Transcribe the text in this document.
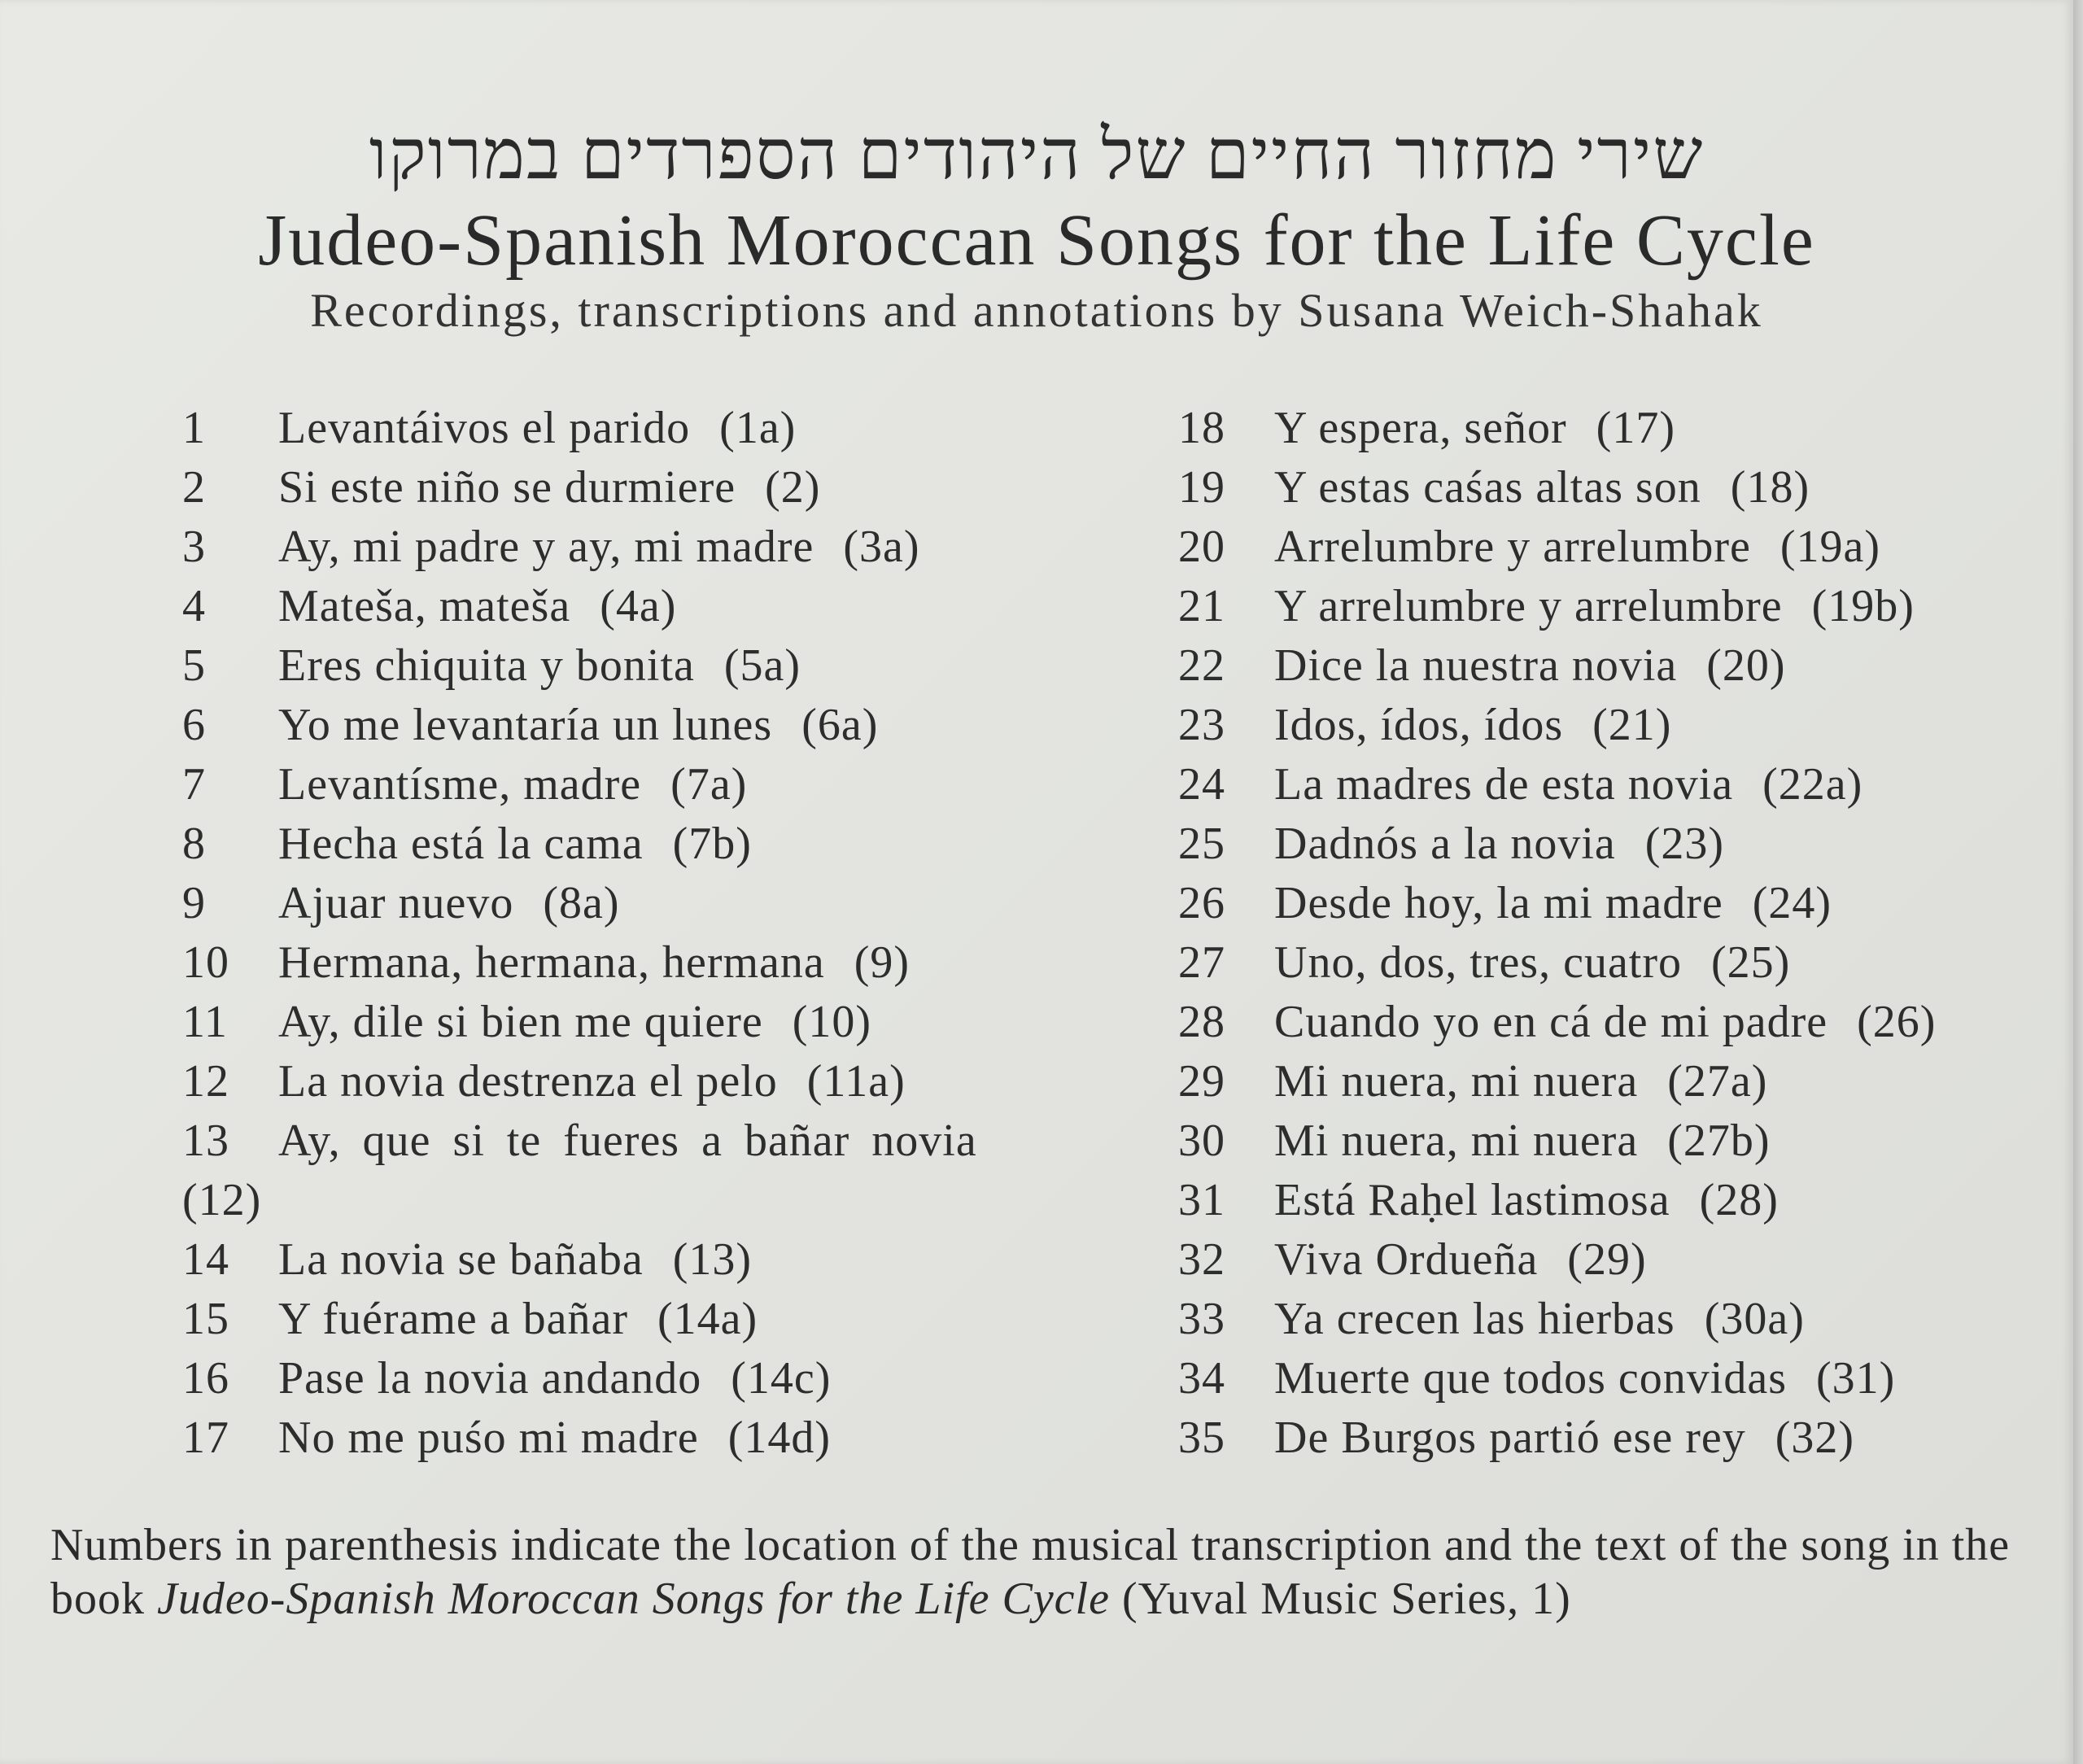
שירי מחזור החיים של היהודים הספרדים במרוקו
Judeo-Spanish Moroccan Songs for the Life Cycle
Recordings, transcriptions and annotations by Susana Weich-Shahak
1 Levantáivos el parido (1a)
2 Si este niño se durmiere (2)
3 Ay, mi padre y ay, mi madre (3a)
4 Mateša, mateša (4a)
5 Eres chiquita y bonita (5a)
6 Yo me levantaría un lunes (6a)
7 Levantísme, madre (7a)
8 Hecha está la cama (7b)
9 Ajuar nuevo (8a)
10 Hermana, hermana, hermana (9)
11 Ay, dile si bien me quiere (10)
12 La novia destrenza el pelo (11a)
13 Ay, que si te fueres a bañar novia
(12)
14 La novia se bañaba (13)
15 Y fuérame a bañar (14a)
16 Pase la novia andando (14c)
17 No me puśo mi madre (14d)
18 Y espera, señor (17)
19 Y estas caśas altas son (18)
20 Arrelumbre y arrelumbre (19a)
21 Y arrelumbre y arrelumbre (19b)
22 Dice la nuestra novia (20)
23 Idos, ídos, ídos (21)
24 La madres de esta novia (22a)
25 Dadnós a la novia (23)
26 Desde hoy, la mi madre (24)
27 Uno, dos, tres, cuatro (25)
28 Cuando yo en cá de mi padre (26)
29 Mi nuera, mi nuera (27a)
30 Mi nuera, mi nuera (27b)
31 Está Raḥel lastimosa (28)
32 Viva Ordueña (29)
33 Ya crecen las hierbas (30a)
34 Muerte que todos convidas (31)
35 De Burgos partió ese rey (32)
Numbers in parenthesis indicate the location of the musical transcription and the text of the song in the book Judeo-Spanish Moroccan Songs for the Life Cycle (Yuval Music Series, 1)
